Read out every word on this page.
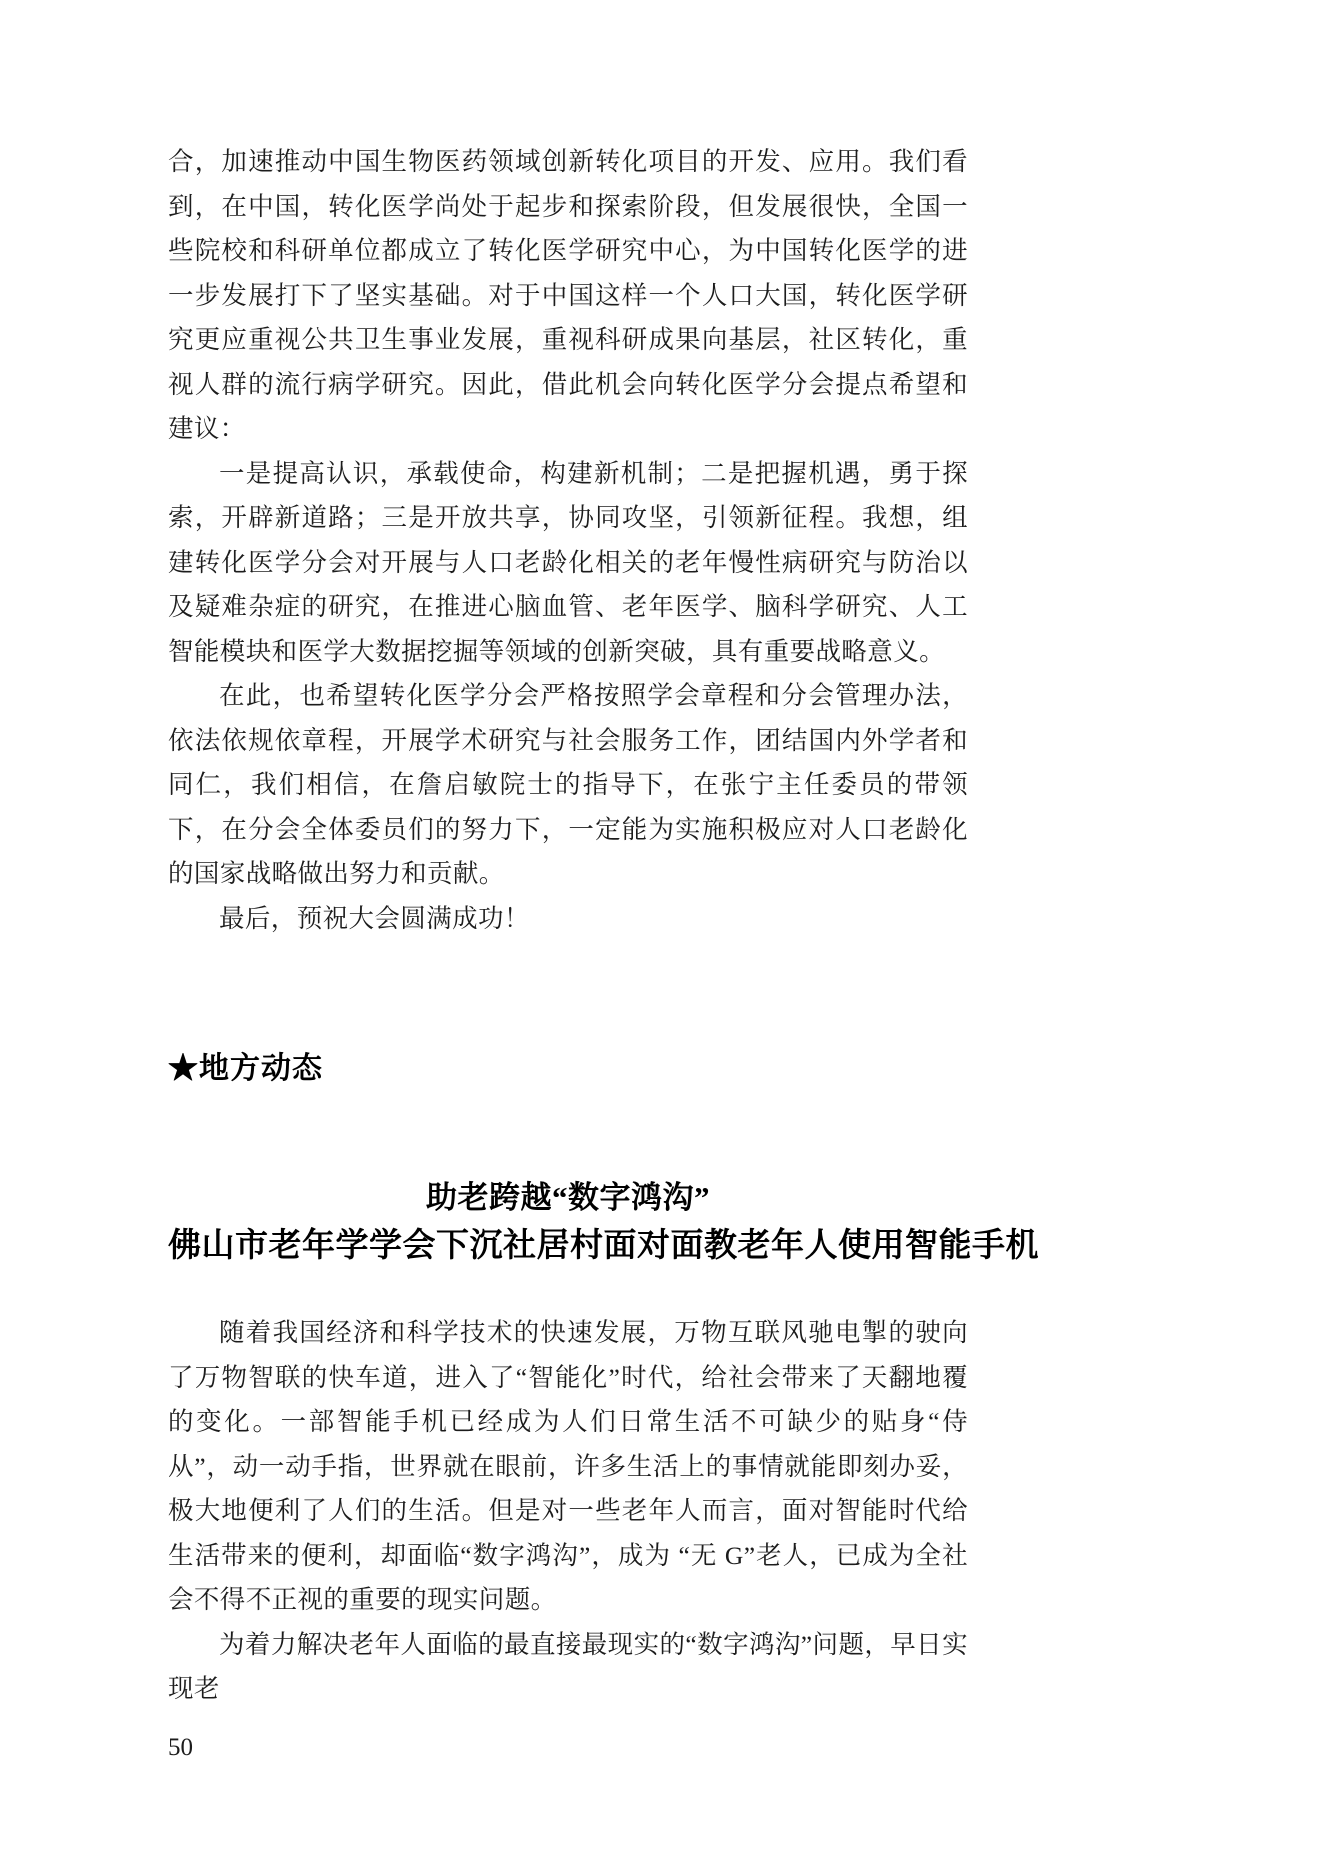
合，加速推动中国生物医药领域创新转化项目的开发、应用。我们看到，在中国，转化医学尚处于起步和探索阶段，但发展很快，全国一些院校和科研单位都成立了转化医学研究中心，为中国转化医学的进一步发展打下了坚实基础。对于中国这样一个人口大国，转化医学研究更应重视公共卫生事业发展，重视科研成果向基层，社区转化，重视人群的流行病学研究。因此，借此机会向转化医学分会提点希望和建议：

一是提高认识，承载使命，构建新机制；二是把握机遇，勇于探索，开辟新道路；三是开放共享，协同攻坚，引领新征程。我想，组建转化医学分会对开展与人口老龄化相关的老年慢性病研究与防治以及疑难杂症的研究，在推进心脑血管、老年医学、脑科学研究、人工智能模块和医学大数据挖掘等领域的创新突破，具有重要战略意义。

在此，也希望转化医学分会严格按照学会章程和分会管理办法，依法依规依章程，开展学术研究与社会服务工作，团结国内外学者和同仁，我们相信，在詹启敏院士的指导下，在张宁主任委员的带领下，在分会全体委员们的努力下，一定能为实施积极应对人口老龄化的国家战略做出努力和贡献。

最后，预祝大会圆满成功！

★地方动态
助老跨越“数字鸿沟”
佛山市老年学学会下沉社居村面对面教老年人使用智能手机

随着我国经济和科学技术的快速发展，万物互联风驰电掣的驶向了万物智联的快车道，进入了“智能化”时代，给社会带来了天翻地覆的变化。一部智能手机已经成为人们日常生活不可缺少的贴身“侍从”，动一动手指，世界就在眼前，许多生活上的事情就能即刻办妥，极大地便利了人们的生活。但是对一些老年人而言，面对智能时代给生活带来的便利，却面临“数字鸿沟”，成为 “无 G”老人，已成为全社会不得不正视的重要的现实问题。

为着力解决老年人面临的最直接最现实的“数字鸿沟”问题，早日实现老

50
